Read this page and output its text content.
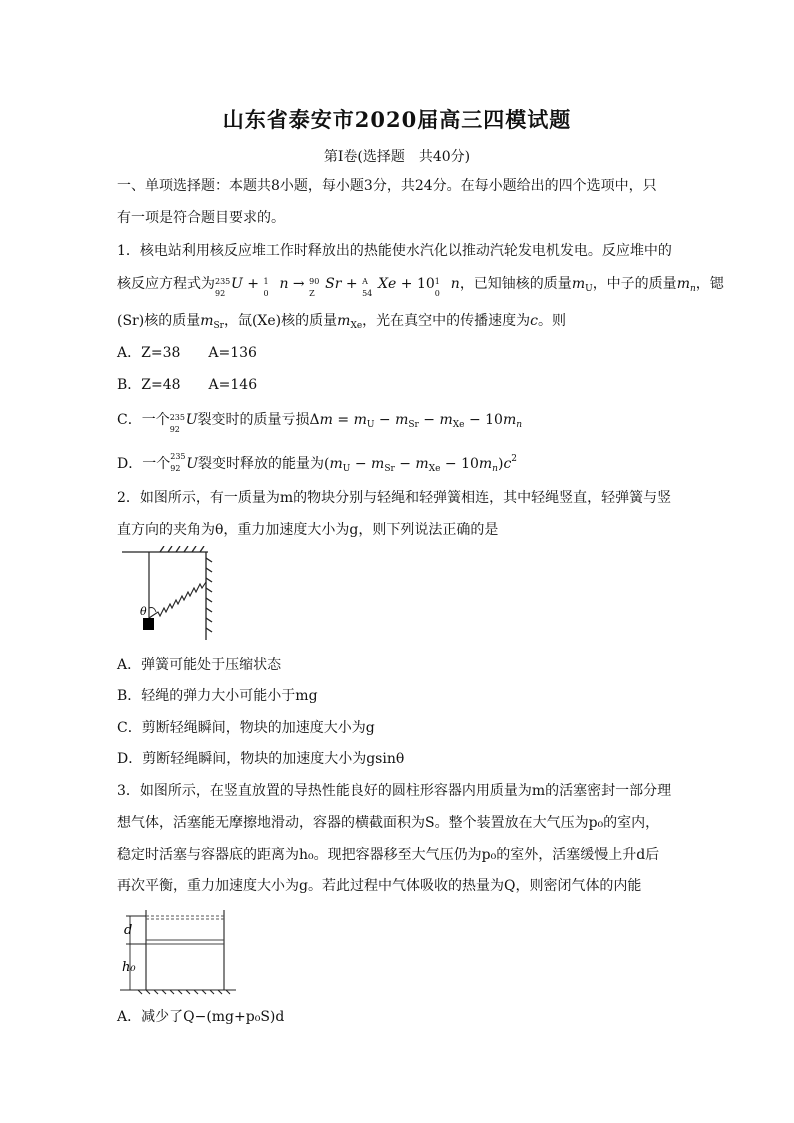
山东省泰安市2020届高三四模试题
第Ⅰ卷(选择题　共40分)
一、单项选择题：本题共8小题，每小题3分，共24分。在每小题给出的四个选项中，只
有一项是符合题目要求的。
1．核电站利用核反应堆工作时释放出的热能使水汽化以推动汽轮发电机发电。反应堆中的
核反应方程式为 235
92
U + 1
0
n → 90
Z
Sr + A
54
Xe + 10 1
0
n，已知铀核的质量$m_U$，中子的质量$m_n$，锶
(Sr)核的质量$m_{Sr}$，氙(Xe)核的质量$m_{Xe}$，光在真空中的传播速度为c。则
A．Z=38　　A=136
B．Z=48　　A=146
C．一个 235
92
U裂变时的质量亏损$\Delta m = m_U - m_{Sr} - m_{Xe} - 10m_n$
D．一个 235
92 U裂变时释放的能量为$(m_U - m_{Sr} - m_{Xe} - 10m_n)c^2$
2．如图所示，有一质量为m的物块分别与轻绳和轻弹簧相连，其中轻绳竖直，轻弹簧与竖
直方向的夹角为θ，重力加速度大小为g，则下列说法正确的是
θ
A．弹簧可能处于压缩状态
B．轻绳的弹力大小可能小于mg
C．剪断轻绳瞬间，物块的加速度大小为g
D．剪断轻绳瞬间，物块的加速度大小为gsinθ
3．如图所示，在竖直放置的导热性能良好的圆柱形容器内用质量为m的活塞密封一部分理
想气体，活塞能无摩擦地滑动，容器的横截面积为S。整个装置放在大气压为p₀的室内，
稳定时活塞与容器底的距离为h₀。现把容器移至大气压仍为p₀的室外，活塞缓慢上升d后
再次平衡，重力加速度大小为g。若此过程中气体吸收的热量为Q，则密闭气体的内能
d
h₀
A．减少了Q−(mg+p₀S)d
